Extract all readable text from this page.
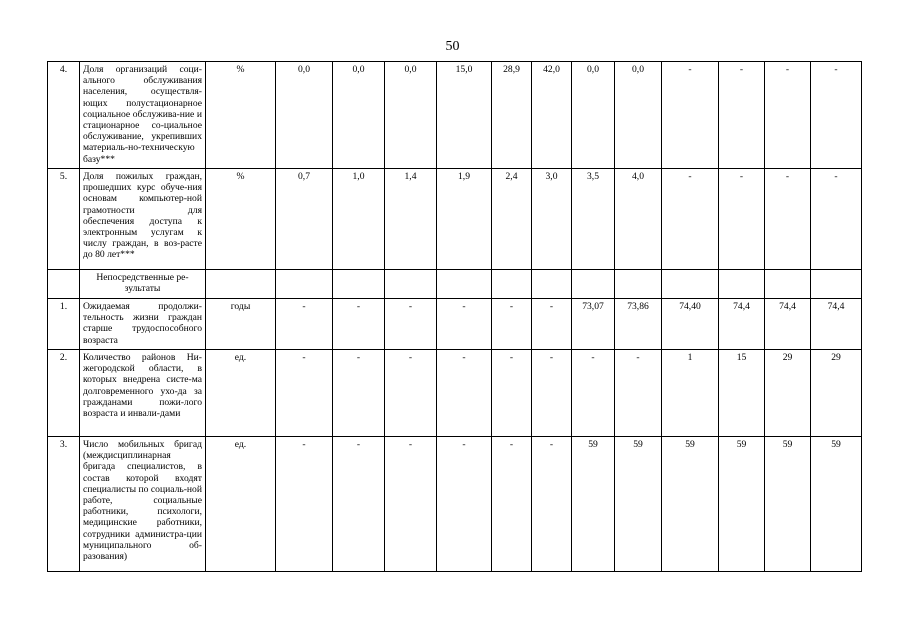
50
4.	Доля организаций соци-ального обслуживания населения, осуществля-ющих полустационарное социальное обслужива-ние и стационарное со-циальное обслуживание, укрепивших материаль-но-техническую базу***	%	0,0	0,0	0,0	15,0	28,9	42,0	0,0	0,0	-	-	-	-
5.	Доля пожилых граждан, прошедших курс обуче-ния основам компьютер-ной грамотности для обеспечения доступа к электронным услугам к числу граждан, в воз-расте до 80 лет***	%	0,7	1,0	1,4	1,9	2,4	3,0	3,5	4,0	-	-	-	-
	Непосредственные ре-зультаты													
1.	Ожидаемая продолжи-тельность жизни граждан старше трудоспособного возраста	годы	-	-	-	-	-	-	73,07	73,86	74,40	74,4	74,4	74,4
2.	Количество районов Ни-жегородской области, в которых внедрена систе-ма долговременного ухо-да за гражданами пожи-лого возраста и инвали-дами	ед.	-	-	-	-	-	-	-	-	1	15	29	29
3.	Число мобильных бригад (междисциплинарная бригада специалистов, в состав которой входят специалисты по социаль-ной работе, социальные работники, психологи, медицинские работники, сотрудники администра-ции муниципального об-разования)	ед.	-	-	-	-	-	-	59	59	59	59	59	59
